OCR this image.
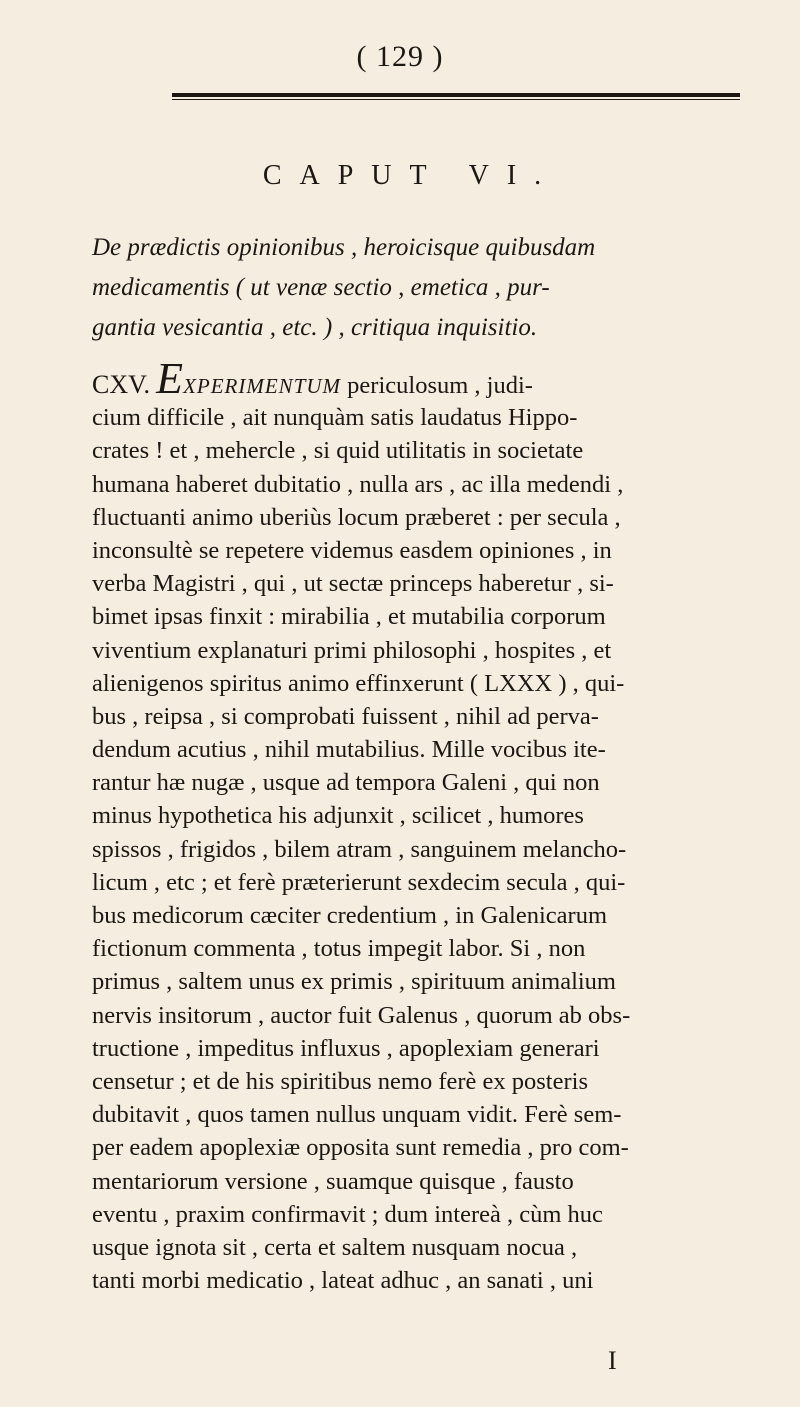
( 129 )
CAPUT VI.
De prædictis opinionibus , heroicisque quibusdam
medicamentis ( ut venæ sectio , emetica , pur-
gantia vesicantia , etc. ) , critiqua inquisitio.
CXV. EXPERIMENTUM periculosum , judi-
cium difficile , ait nunquàm satis laudatus Hippo-
crates ! et , mehercle , si quid utilitatis in societate
humana haberet dubitatio , nulla ars , ac illa medendi ,
fluctuanti animo uberiùs locum præberet : per secula ,
inconsultè se repetere videmus easdem opiniones , in
verba Magistri , qui , ut sectæ princeps haberetur , si-
bimet ipsas finxit : mirabilia , et mutabilia corporum
viventium explanaturi primi philosophi , hospites , et
alienigenos spiritus animo effinxerunt ( LXXX ) , qui-
bus , reipsa , si comprobati fuissent , nihil ad perva-
dendum acutius , nihil mutabilius. Mille vocibus ite-
rantur hæ nugæ , usque ad tempora Galeni , qui non
minus hypothetica his adjunxit , scilicet , humores
spissos , frigidos , bilem atram , sanguinem melancho-
licum , etc ; et ferè præterierunt sexdecim secula , qui-
bus medicorum cæciter credentium , in Galenicarum
fictionum commenta , totus impegit labor. Si , non
primus , saltem unus ex primis , spirituum animalium
nervis insitorum , auctor fuit Galenus , quorum ab obs-
tructione , impeditus influxus , apoplexiam generari
censetur ; et de his spiritibus nemo ferè ex posteris
dubitavit , quos tamen nullus unquam vidit. Ferè sem-
per eadem apoplexiæ opposita sunt remedia , pro com-
mentariorum versione , suamque quisque , fausto
eventu , praxim confirmavit ; dum intereà , cùm huc
usque ignota sit , certa et saltem nusquam nocua ,
tanti morbi medicatio , lateat adhuc , an sanati , uni
I
